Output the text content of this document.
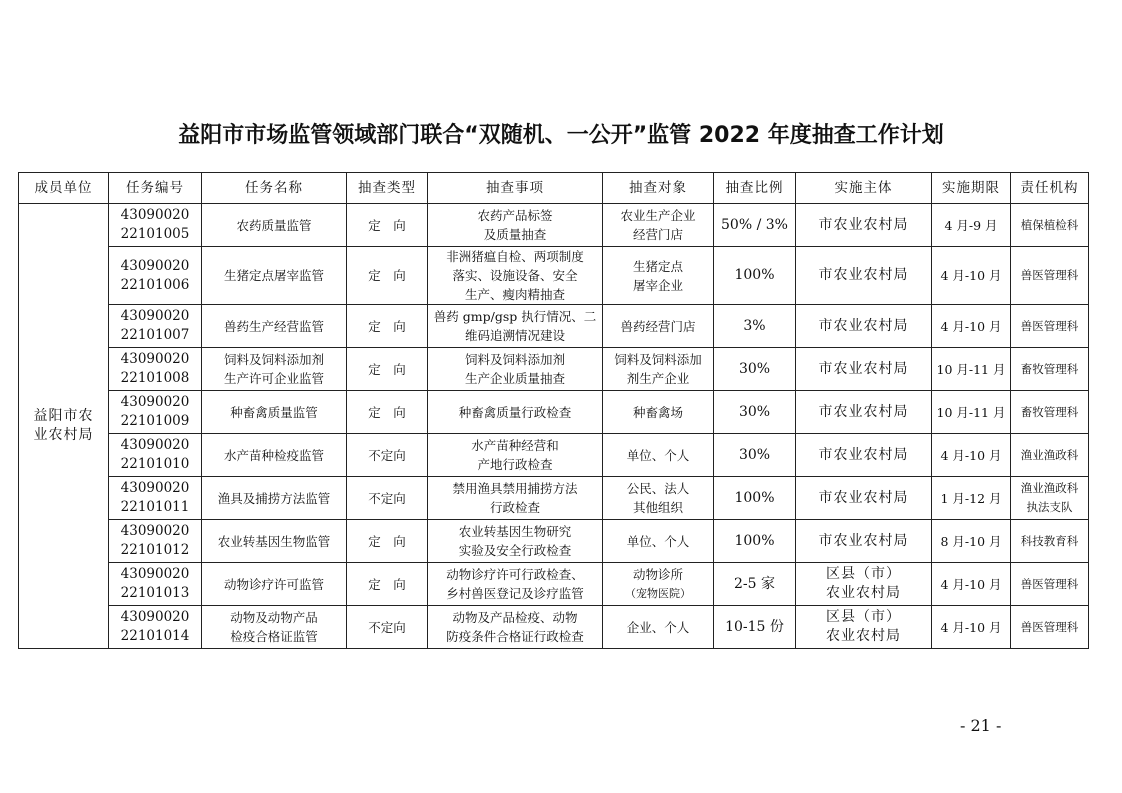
益阳市市场监管领域部门联合“双随机、一公开”监管 2022 年度抽查工作计划
成员单位	任务编号	任务名称	抽查类型	抽查事项	抽查对象	抽查比例	实施主体	实施期限	责任机构

益阳市农
业农村局	43090020
22101005	农药质量监管	定　向	农药产品标签
及质量抽查	农业生产企业
经营门店	50% / 3%	市农业农村局	4 月-9 月	植保植检科

	43090020
22101006	生猪定点屠宰监管	定　向	非洲猪瘟自检、两项制度
落实、设施设备、安全
生产、瘦肉精抽查	生猪定点
屠宰企业	100%	市农业农村局	4 月-10 月	兽医管理科

	43090020
22101007	兽药生产经营监管	定　向	兽药 gmp/gsp 执行情况、二
维码追溯情况建设	兽药经营门店	3%	市农业农村局	4 月-10 月	兽医管理科

	43090020
22101008	饲料及饲料添加剂
生产许可企业监管	定　向	饲料及饲料添加剂
生产企业质量抽查	饲料及饲料添加
剂生产企业	30%	市农业农村局	10 月-11 月	畜牧管理科

	43090020
22101009	种畜禽质量监管	定　向	种畜禽质量行政检查	种畜禽场	30%	市农业农村局	10 月-11 月	畜牧管理科

	43090020
22101010	水产苗种检疫监管	不定向	水产苗种经营和
产地行政检查	单位、个人	30%	市农业农村局	4 月-10 月	渔业渔政科

	43090020
22101011	渔具及捕捞方法监管	不定向	禁用渔具禁用捕捞方法
行政检查	公民、法人
其他组织	100%	市农业农村局	1 月-12 月	渔业渔政科
执法支队

	43090020
22101012	农业转基因生物监管	定　向	农业转基因生物研究
实验及安全行政检查	单位、个人	100%	市农业农村局	8 月-10 月	科技教育科

	43090020
22101013	动物诊疗许可监管	定　向	动物诊疗许可行政检查、
乡村兽医登记及诊疗监管	动物诊所
（宠物医院）	2-5 家	区县（市）
农业农村局	4 月-10 月	兽医管理科

	43090020
22101014	动物及动物产品
检疫合格证监管	不定向	动物及产品检疫、动物
防疫条件合格证行政检查	企业、个人	10-15 份	区县（市）
农业农村局	4 月-10 月	兽医管理科
- 21 -
